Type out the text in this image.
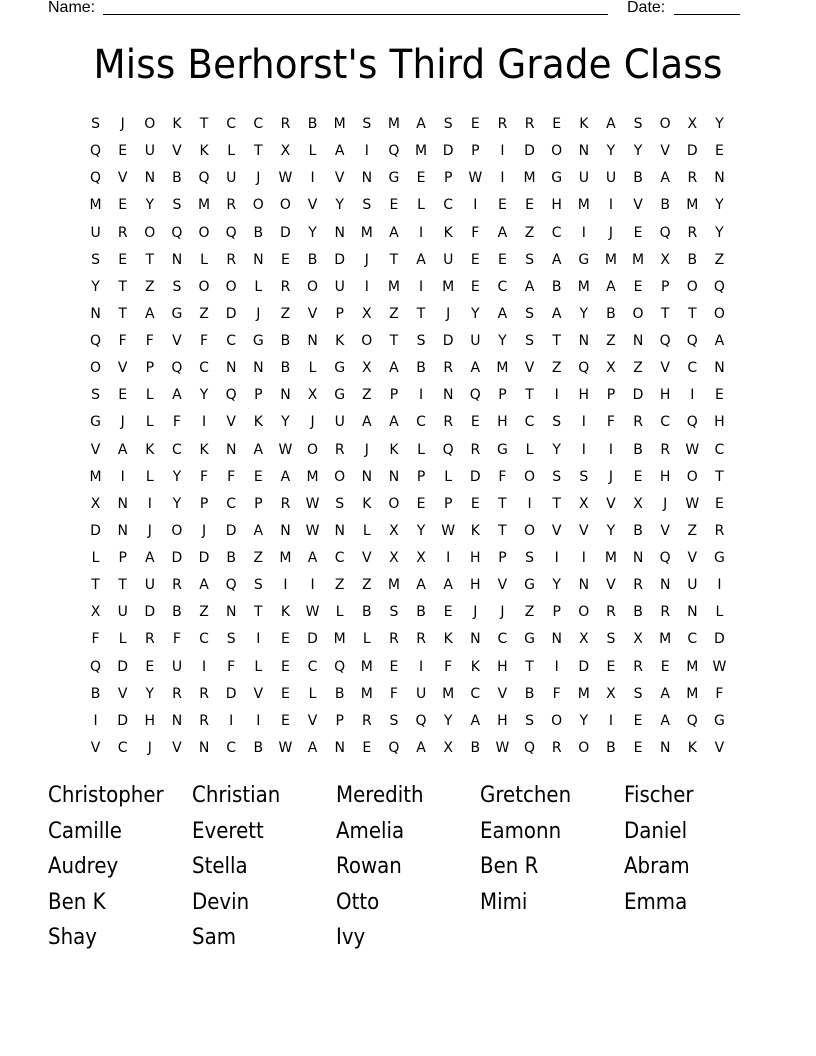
Name:	Date:
Miss Berhorst's Third Grade Class
S	J	O	K	T	C	C	R	B	M	S	M	A	S	E	R	R	E	K	A	S	O	X	Y
Q	E	U	V	K	L	T	X	L	A	I	Q	M	D	P	I	D	O	N	Y	Y	V	D	E
Q	V	N	B	Q	U	J	W	I	V	N	G	E	P	W	I	M	G	U	U	B	A	R	N
M	E	Y	S	M	R	O	O	V	Y	S	E	L	C	I	E	E	H	M	I	V	B	M	Y
U	R	O	Q	O	Q	B	D	Y	N	M	A	I	K	F	A	Z	C	I	J	E	Q	R	Y
S	E	T	N	L	R	N	E	B	D	J	T	A	U	E	E	S	A	G	M	M	X	B	Z
Y	T	Z	S	O	O	L	R	O	U	I	M	I	M	E	C	A	B	M	A	E	P	O	Q
N	T	A	G	Z	D	J	Z	V	P	X	Z	T	J	Y	A	S	A	Y	B	O	T	T	O
Q	F	F	V	F	C	G	B	N	K	O	T	S	D	U	Y	S	T	N	Z	N	Q	Q	A
O	V	P	Q	C	N	N	B	L	G	X	A	B	R	A	M	V	Z	Q	X	Z	V	C	N
S	E	L	A	Y	Q	P	N	X	G	Z	P	I	N	Q	P	T	I	H	P	D	H	I	E
G	J	L	F	I	V	K	Y	J	U	A	A	C	R	E	H	C	S	I	F	R	C	Q	H
V	A	K	C	K	N	A	W	O	R	J	K	L	Q	R	G	L	Y	I	I	B	R	W	C
M	I	L	Y	F	F	E	A	M	O	N	N	P	L	D	F	O	S	S	J	E	H	O	T
X	N	I	Y	P	C	P	R	W	S	K	O	E	P	E	T	I	T	X	V	X	J	W	E
D	N	J	O	J	D	A	N	W	N	L	X	Y	W	K	T	O	V	V	Y	B	V	Z	R
L	P	A	D	D	B	Z	M	A	C	V	X	X	I	H	P	S	I	I	M	N	Q	V	G
T	T	U	R	A	Q	S	I	I	Z	Z	M	A	A	H	V	G	Y	N	V	R	N	U	I
X	U	D	B	Z	N	T	K	W	L	B	S	B	E	J	J	Z	P	O	R	B	R	N	L
F	L	R	F	C	S	I	E	D	M	L	R	R	K	N	C	G	N	X	S	X	M	C	D
Q	D	E	U	I	F	L	E	C	Q	M	E	I	F	K	H	T	I	D	E	R	E	M	W
B	V	Y	R	R	D	V	E	L	B	M	F	U	M	C	V	B	F	M	X	S	A	M	F
I	D	H	N	R	I	I	E	V	P	R	S	Q	Y	A	H	S	O	Y	I	E	A	Q	G
V	C	J	V	N	C	B	W	A	N	E	Q	A	X	B	W	Q	R	O	B	E	N	K	V
Christopher	Christian	Meredith	Gretchen	Fischer
Camille	Everett	Amelia	Eamonn	Daniel
Audrey	Stella	Rowan	Ben R	Abram
Ben K	Devin	Otto	Mimi	Emma
Shay	Sam	Ivy
